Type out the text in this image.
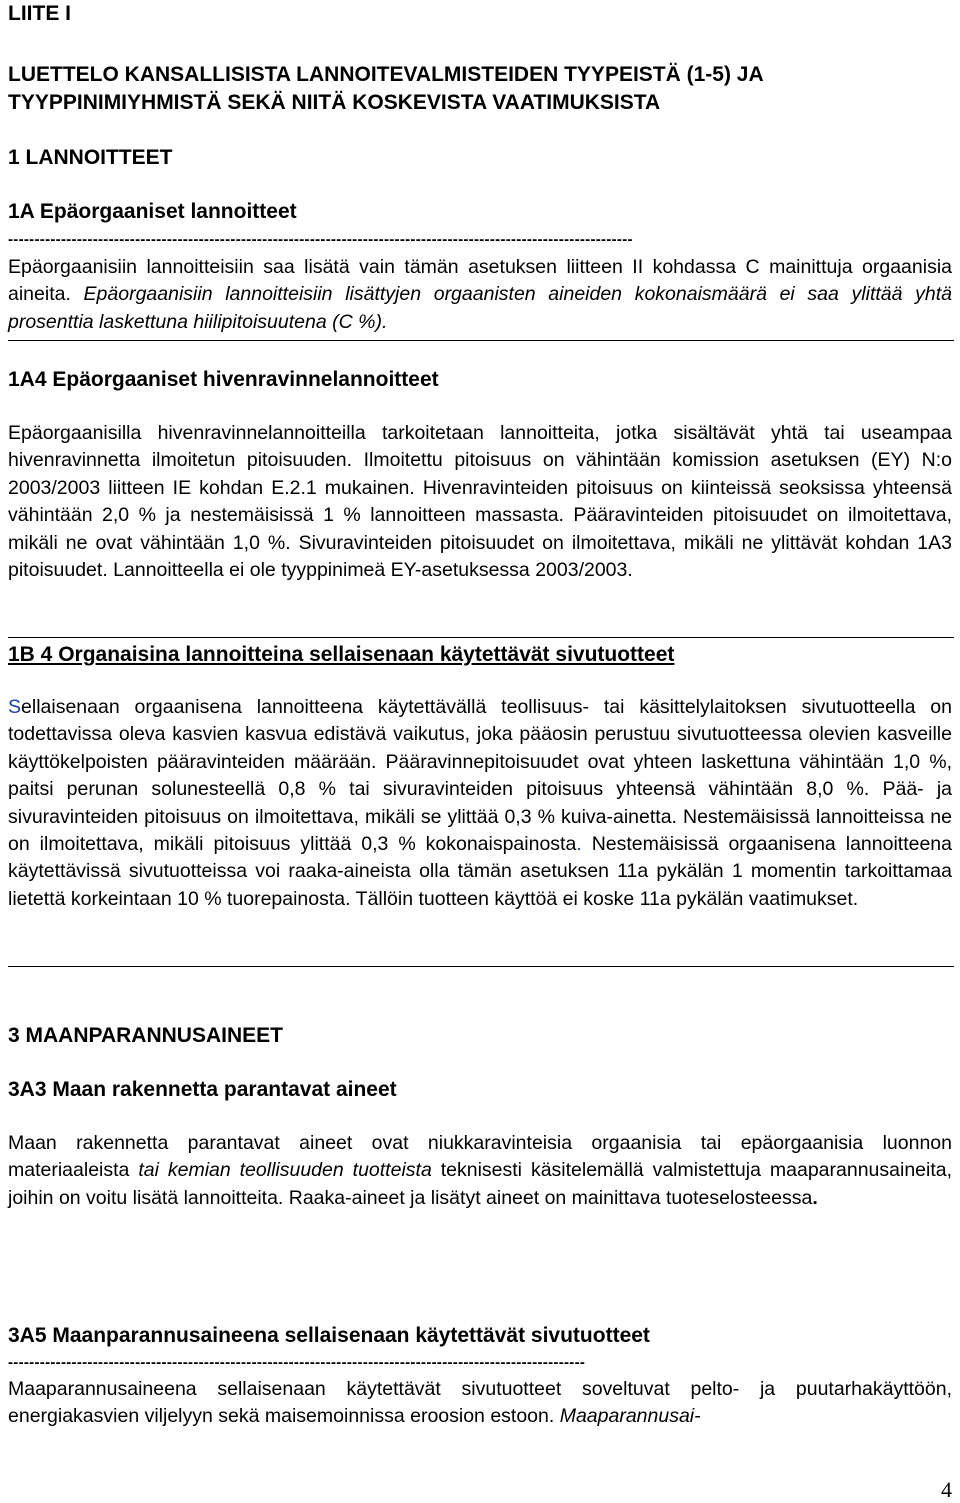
LIITE I
LUETTELO KANSALLISISTA LANNOITEVALMISTEIDEN TYYPEISTÄ (1-5) JA
TYYPPINIMIYHMISTÄ SEKÄ NIITÄ KOSKEVISTA VAATIMUKSISTA
1 LANNOITTEET
1A Epäorgaaniset lannoitteet
----------------------------------------------------------------------------------------------------------------------

Epäorgaanisiin lannoitteisiin saa lisätä vain tämän asetuksen liitteen II kohdassa C mainittuja orgaanisia aineita. Epäorgaanisiin lannoitteisiin lisättyjen orgaanisten aineiden kokonaismäärä ei saa ylittää yhtä prosenttia laskettuna hiilipitoisuutena (C %).

1A4 Epäorgaaniset hivenravinnelannoitteet

Epäorgaanisilla hivenravinnelannoitteilla tarkoitetaan lannoitteita, jotka sisältävät yhtä tai useampaa hivenravinnetta ilmoitetun pitoisuuden. Ilmoitettu pitoisuus on vähintään komission asetuksen (EY) N:o 2003/2003 liitteen IE kohdan E.2.1 mukainen. Hivenravinteiden pitoisuus on kiinteissä seoksissa yhteensä vähintään 2,0 % ja nestemäisissä 1 % lannoitteen massasta. Pääravinteiden pitoisuudet on ilmoitettava, mikäli ne ovat vähintään 1,0 %. Sivuravinteiden pitoisuudet on ilmoitettava, mikäli ne ylittävät kohdan 1A3 pitoisuudet. Lannoitteella ei ole tyyppinimeä EY-asetuksessa 2003/2003.

1B 4 Organaisina lannoitteina sellaisenaan käytettävät sivutuotteet

Sellaisenaan orgaanisena lannoitteena käytettävällä teollisuus- tai käsittelylaitoksen sivutuotteella on todettavissa oleva kasvien kasvua edistävä vaikutus, joka pääosin perustuu sivutuotteessa olevien kasveille käyttökelpoisten pääravinteiden määrään. Pääravinnepitoisuudet ovat yhteen laskettuna vähintään 1,0 %, paitsi perunan solunesteellä 0,8 % tai sivuravinteiden pitoisuus yhteensä vähintään 8,0 %. Pää- ja sivuravinteiden pitoisuus on ilmoitettava, mikäli se ylittää 0,3 % kuiva-ainetta. Nestemäisissä lannoitteissa ne on ilmoitettava, mikäli pitoisuus ylittää 0,3 % kokonaispainosta. Nestemäisissä orgaanisena lannoitteena käytettävissä sivutuotteissa voi raaka-aineista olla tämän asetuksen 11a pykälän 1 momentin tarkoittamaa lietettä korkeintaan 10 % tuorepainosta. Tällöin tuotteen käyttöä ei koske 11a pykälän vaatimukset.

3 MAANPARANNUSAINEET
3A3 Maan rakennetta parantavat aineet

Maan rakennetta parantavat aineet ovat niukkaravinteisia orgaanisia tai epäorgaanisia luonnon materiaaleista tai kemian teollisuuden tuotteista teknisesti käsitelemällä valmistettuja maaparannusaineita, joihin on voitu lisätä lannoitteita. Raaka-aineet ja lisätyt aineet on mainittava tuoteselosteessa.

3A5 Maanparannusaineena sellaisenaan käytettävät sivutuotteet
-------------------------------------------------------------------------------------------------------------

Maaparannusaineena sellaisenaan käytettävät sivutuotteet soveltuvat pelto- ja puutarhakäyttöön, energiakasvien viljelyyn sekä maisemoinnissa eroosion estoon. Maaparannusai-

4
